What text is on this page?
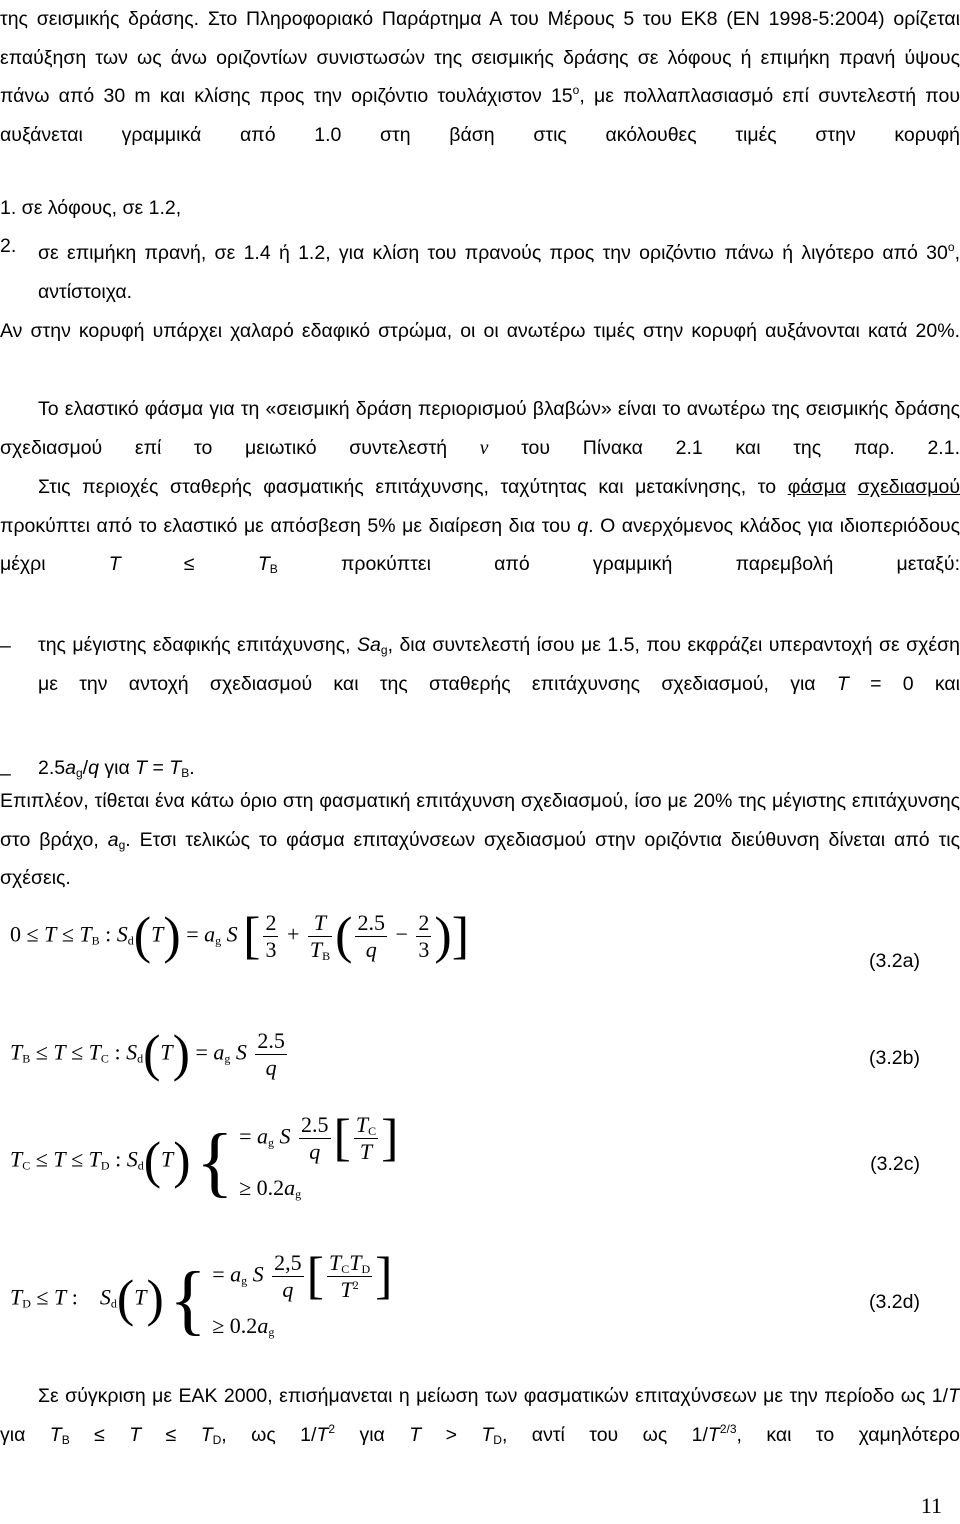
της σεισμικής δράσης. Στο Πληροφοριακό Παράρτημα Α του Μέρους 5 του ΕΚ8 (EN 1998-5:2004) ορίζεται επαύξηση των ως άνω οριζοντίων συνιστωσών της σεισμικής δράσης σε λόφους ή επιμήκη πρανή ύψους πάνω από 30 m και κλίσης προς την οριζόντιο τουλάχιστον $15^o$, με πολλαπλασιασμό επί συντελεστή που αυξάνεται γραμμικά από 1.0 στη βάση στις ακόλουθες τιμές στην κορυφή

1. σε λόφους, σε 1.2,

σε επιμήκη πρανή, σε 1.4 ή 1.2, για κλίση του πρανούς προς την οριζόντιο πάνω ή λιγότερο από $30^o$, αντίστοιχα.

2.

Αν στην κορυφή υπάρχει χαλαρό εδαφικό στρώμα, οι οι ανωτέρω τιμές στην κορυφή αυξάνονται κατά 20%.

Το ελαστικό φάσμα για τη «σεισμική δράση περιορισμού βλαβών» είναι το ανωτέρω της σεισμικής δράσης σχεδιασμού επί το μειωτικό συντελεστή ν του Πίνακα 2.1 και της παρ. 2.1.

Στις περιοχές σταθερής φασματικής επιτάχυνσης, ταχύτητας και μετακίνησης, το φάσμα σχεδιασμού προκύπτει από το ελαστικό με απόσβεση 5% με διαίρεση δια του q. Ο ανερχόμενος κλάδος για ιδιοπεριόδους μέχρι $T \le T_B$ προκύπτει από γραμμική παρεμβολή μεταξύ:

– της μέγιστης εδαφικής επιτάχυνσης, $Sa_g$, δια συντελεστή ίσου με 1.5, που εκφράζει υπεραντοχή σε σχέση με την αντοχή σχεδιασμού και της σταθερής επιτάχυνσης σχεδιασμού, για T = 0 και

– $2.5a_g/q$ για $T = T_B$.

Επιπλέον, τίθεται ένα κάτω όριο στη φασματική επιτάχυνση σχεδιασμού, ίσο με 20% της μέγιστης επιτάχυνσης στο βράχο, $a_g$. Ετσι τελικώς το φάσμα επιταχύνσεων σχεδιασμού στην οριζόντια διεύθυνση δίνεται από τις σχέσεις.

$0 \le T \le T_B$ : $S_d(T) = a_g$ S [ $\frac{2}{3} + \frac{T}{T_B}$ ( $\frac{2.5}{q} - \frac{2}{3}$ )]	(3.2a)
$T_B \le T \le T_C$ : $S_d(T) = a_g$ S $\frac{2.5}{q}$	(3.2b)
$T_C \le T \le T_D$ : $S_d(T)$ { = $a_g$ S $\frac{2.5}{q}$ [ $\frac{T_C}{T}$ ]
≥ $0.2a_g$
(3.2c)
$T_D \le T$ :    $S_d(T)$ { = $a_g$ S $\frac{2,5}{q}$ [ $\frac{T_CT_D}{T^2}$ ]
≥ $0.2a_g$
(3.2d)

Σε σύγκριση με ΕΑΚ 2000, επισήμανεται η μείωση των φασματικών επιταχύνσεων με την περίοδο ως 1/T για $T_B \le T \le T_D$, ως $1/T^2$ για $T > T_D$, αντί του ως $1/T^{2/3}$, και το χαμηλότερο

11
